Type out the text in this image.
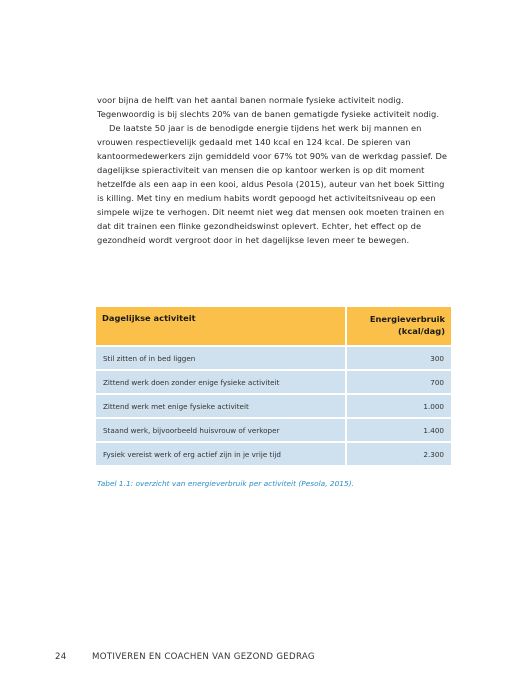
voor bijna de helft van het aantal banen normale fysieke activiteit nodig. Tegenwoordig is bij slechts 20% van de banen gematigde fysieke activiteit nodig.

De laatste 50 jaar is de benodigde energie tijdens het werk bij mannen en vrouwen respectievelijk gedaald met 140 kcal en 124 kcal. De spieren van kantoormedewerkers zijn gemiddeld voor 67% tot 90% van de werkdag passief. De dagelijkse spieractiviteit van mensen die op kantoor werken is op dit moment hetzelfde als een aap in een kooi, aldus Pesola (2015), auteur van het boek Sitting is killing. Met tiny en medium habits wordt gepoogd het activiteitsniveau op een simpele wijze te verhogen. Dit neemt niet weg dat mensen ook moeten trainen en dat dit trainen een flinke gezondheidswinst oplevert. Echter, het effect op de gezondheid wordt vergroot door in het dagelijkse leven meer te bewegen.

Dagelijkse activiteit	Energieverbruik
(kcal/dag)
Stil zitten of in bed liggen	300
Zittend werk doen zonder enige fysieke activiteit	700
Zittend werk met enige fysieke activiteit	1.000
Staand werk, bijvoorbeeld huisvrouw of verkoper	1.400
Fysiek vereist werk of erg actief zijn in je vrije tijd	2.300
Tabel 1.1: overzicht van energieverbruik per activiteit (Pesola, 2015).
24	MOTIVEREN EN COACHEN VAN GEZOND GEDRAG
